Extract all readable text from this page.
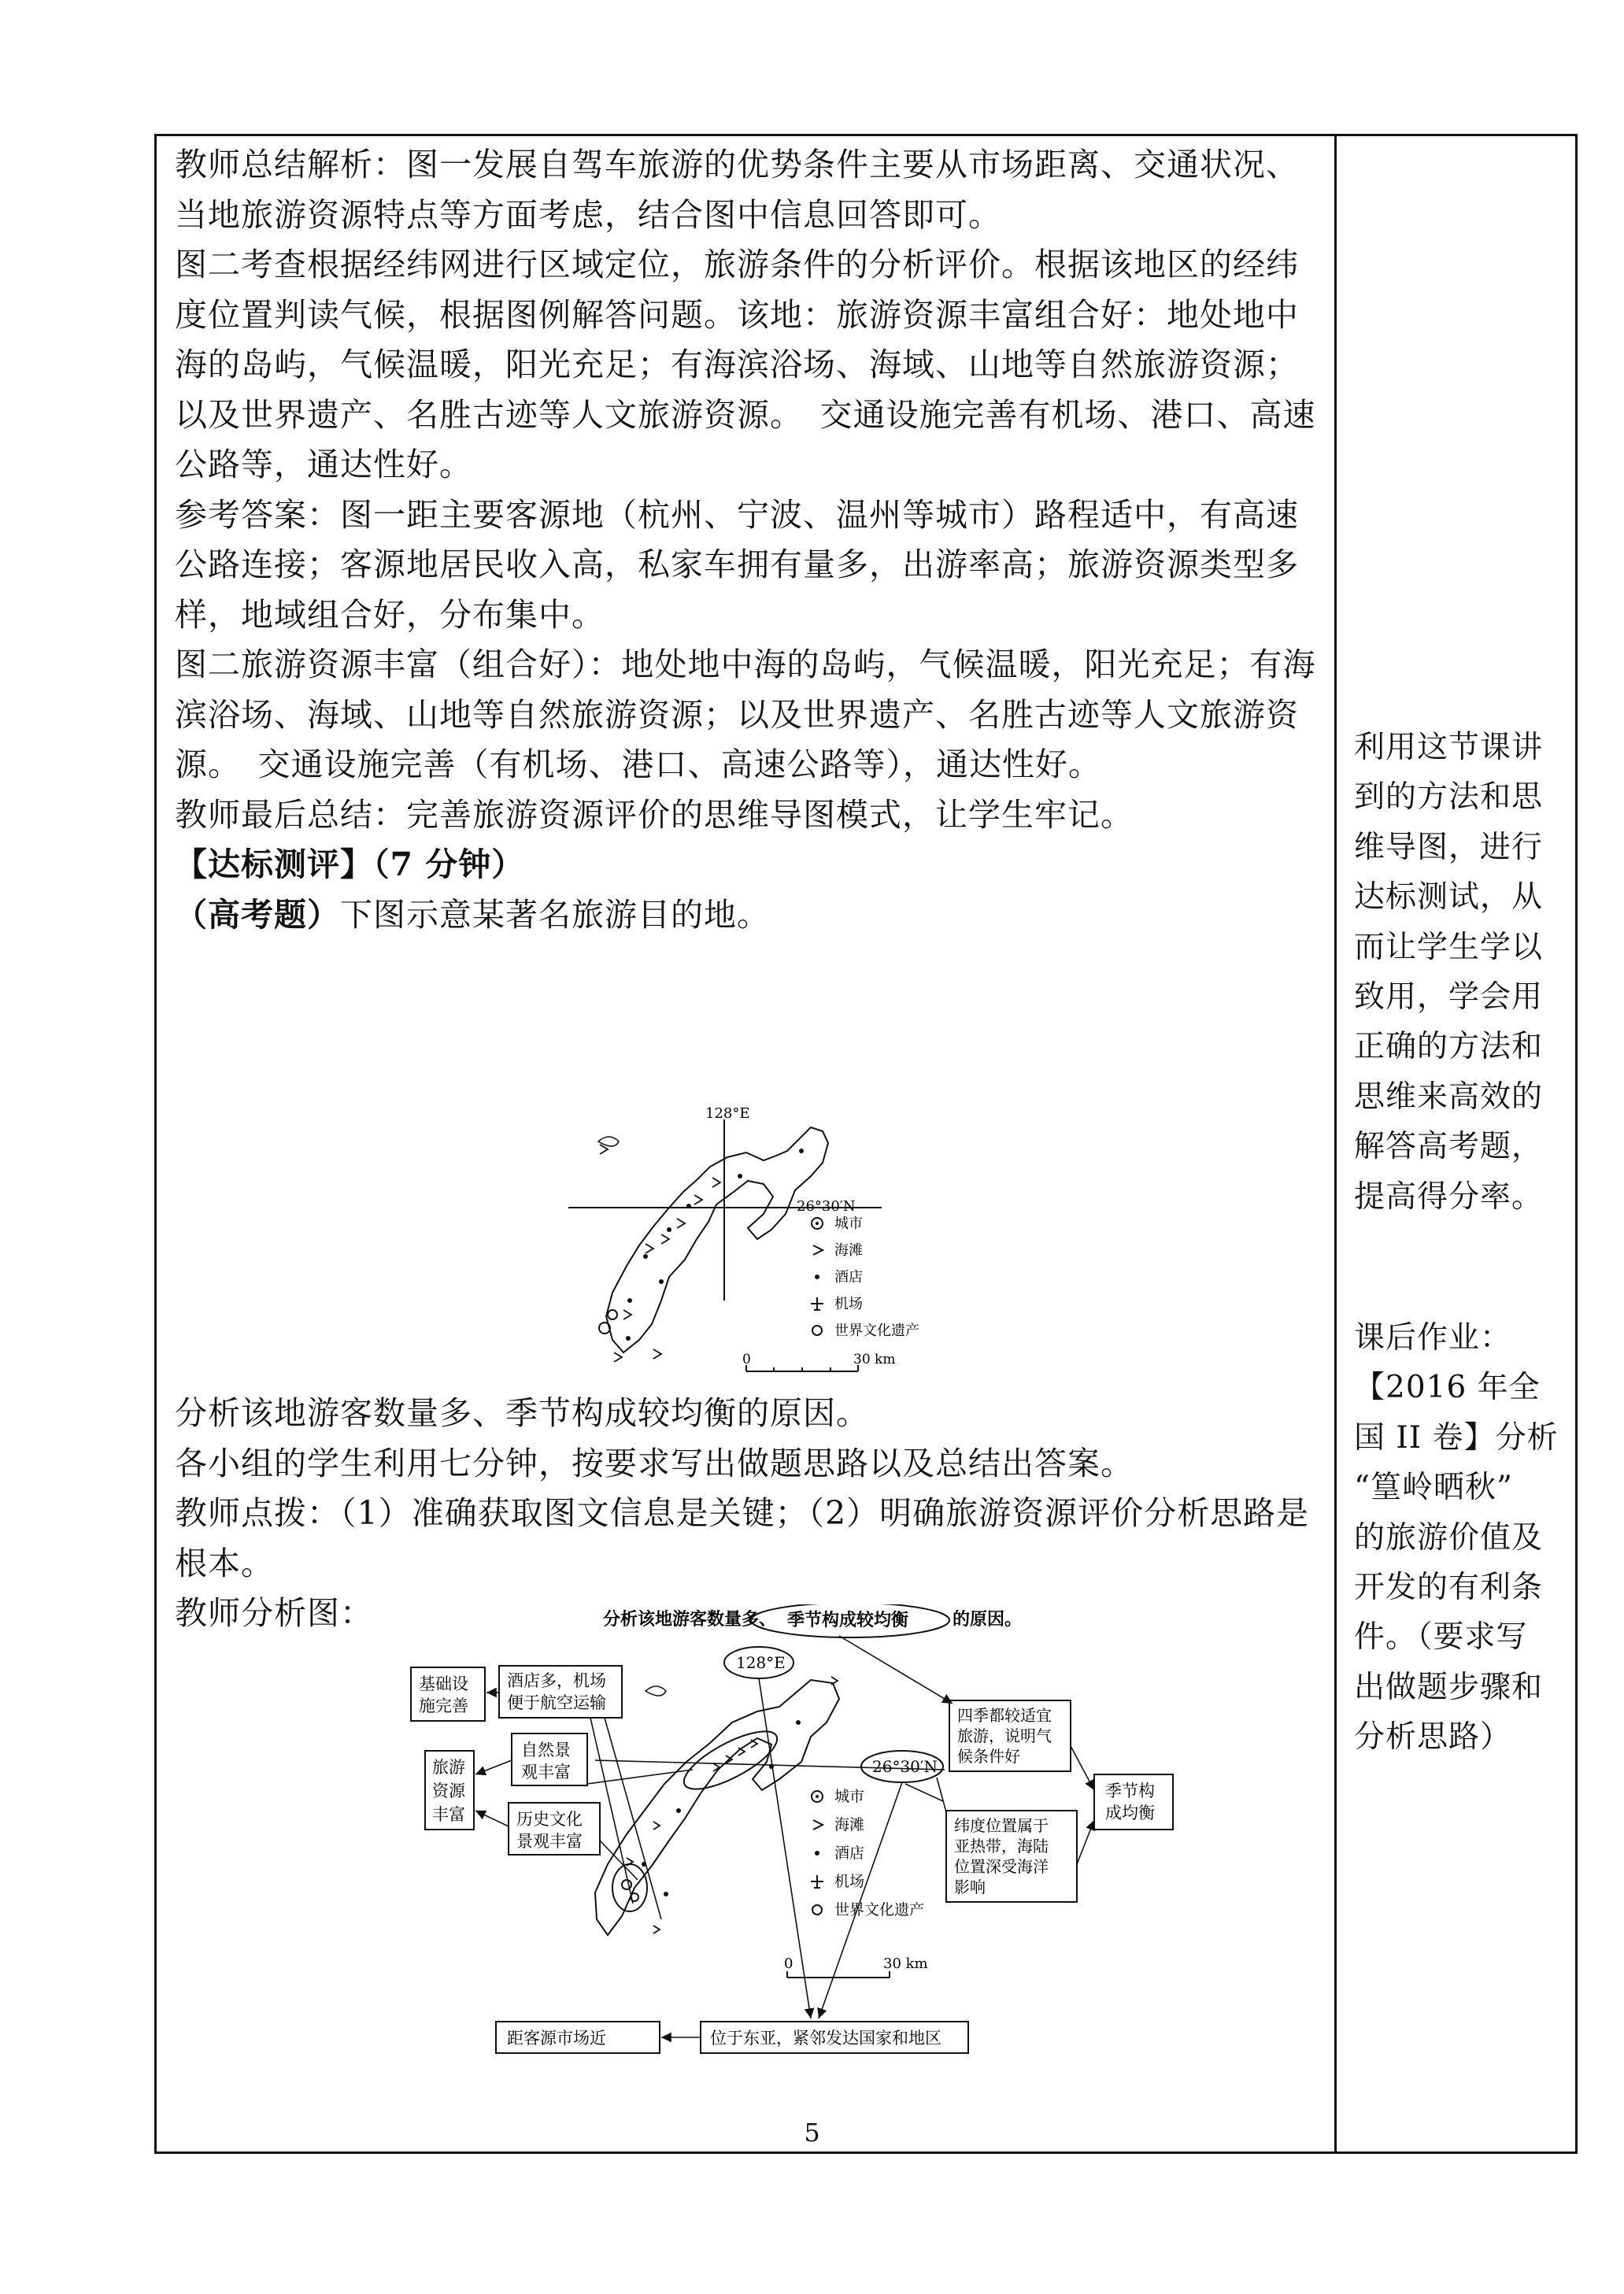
教师总结解析：图一发展自驾车旅游的优势条件主要从市场距离、交通状况、当地旅游资源特点等方面考虑，结合图中信息回答即可。

图二考查根据经纬网进行区域定位，旅游条件的分析评价。根据该地区的经纬度位置判读气候，根据图例解答问题。该地：旅游资源丰富组合好：地处地中海的岛屿，气候温暖，阳光充足；有海滨浴场、海域、山地等自然旅游资源；以及世界遗产、名胜古迹等人文旅游资源。　交通设施完善有机场、港口、高速公路等，通达性好。

参考答案：图一距主要客源地（杭州、宁波、温州等城市）路程适中，有高速公路连接；客源地居民收入高，私家车拥有量多，出游率高；旅游资源类型多样，地域组合好，分布集中。

图二旅游资源丰富（组合好）：地处地中海的岛屿，气候温暖，阳光充足；有海滨浴场、海域、山地等自然旅游资源；以及世界遗产、名胜古迹等人文旅游资源。　交通设施完善（有机场、港口、高速公路等），通达性好。

教师最后总结：完善旅游资源评价的思维导图模式，让学生牢记。

【达标测评】（7 分钟）

（高考题）下图示意某著名旅游目的地。

128°E
26°30′N
城市
海滩
酒店
机场
世界文化遗产
0	30 km

分析该地游客数量多、季节构成较均衡的原因。

各小组的学生利用七分钟，按要求写出做题思路以及总结出答案。

教师点拨：（1）准确获取图文信息是关键；（2）明确旅游资源评价分析思路是根本。

教师分析图：	分析该地游客数量多、 季节构成较均衡	的原因。
128°E
26°30′N
基础设
施完善
酒店多，机场
便于航空运输
旅游
资源
丰富
自然景
观丰富
历史文化
景观丰富
四季都较适宜
旅游，说明气
候条件好
季节构
成均衡
纬度位置属于
亚热带，海陆
位置深受海洋
影响
距客源市场近	位于东亚，紧邻发达国家和地区
城市
海滩
酒店
机场
世界文化遗产
0	30 km
利用这节课讲
到的方法和思
维导图，进行
达标测试，从
而让学生学以
致用，学会用
正确的方法和
思维来高效的
解答高考题，
提高得分率。
课后作业：
【2016 年全
国 II 卷】分析
“篁岭晒秋”
的旅游价值及
开发的有利条
件。（要求写
出做题步骤和
分析思路）
5
